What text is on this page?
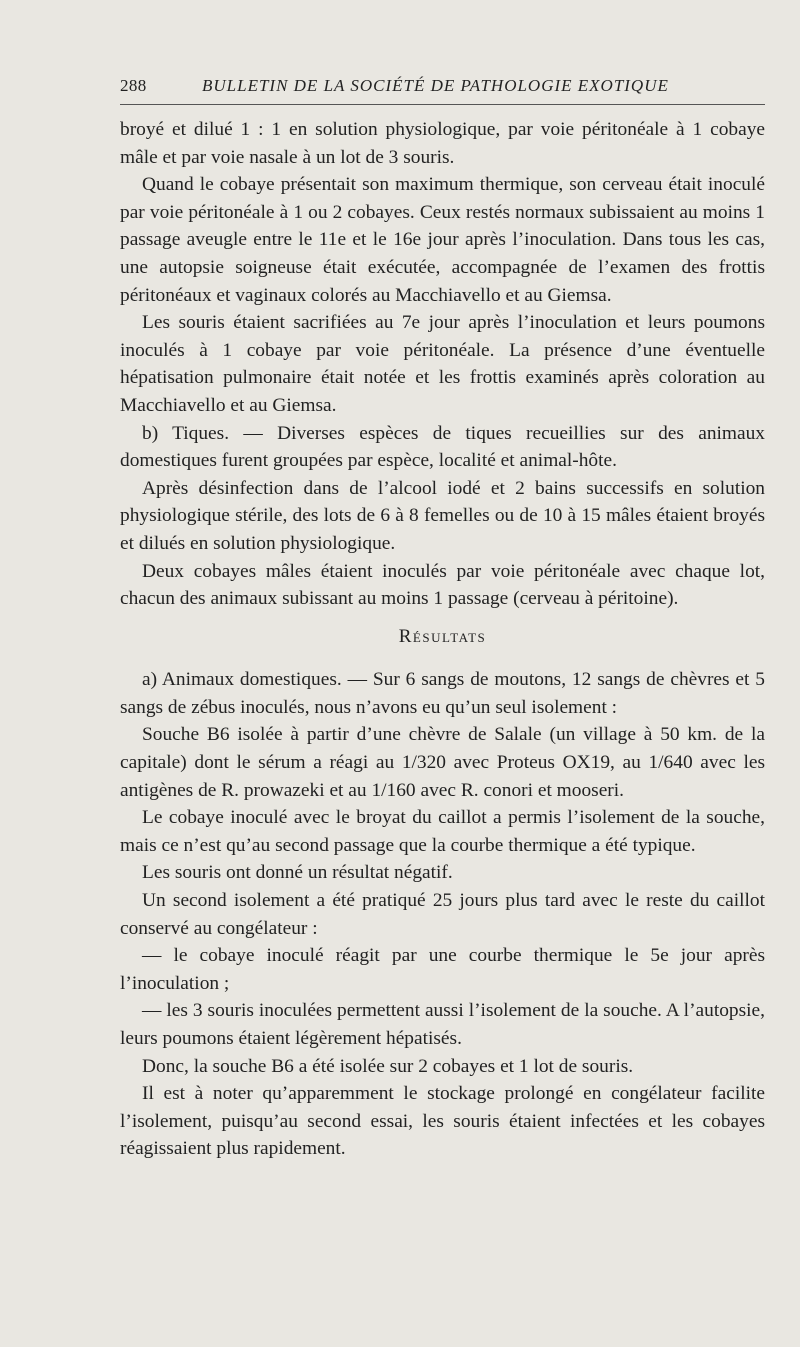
288	BULLETIN DE LA SOCIÉTÉ DE PATHOLOGIE EXOTIQUE

broyé et dilué 1 : 1 en solution physiologique, par voie péritonéale à 1 cobaye mâle et par voie nasale à un lot de 3 souris.

Quand le cobaye présentait son maximum thermique, son cerveau était inoculé par voie péritonéale à 1 ou 2 cobayes. Ceux restés normaux subissaient au moins 1 passage aveugle entre le 11e et le 16e jour après l’inoculation. Dans tous les cas, une autopsie soigneuse était exécutée, accompagnée de l’examen des frottis péritonéaux et vaginaux colorés au Macchiavello et au Giemsa.

Les souris étaient sacrifiées au 7e jour après l’inoculation et leurs poumons inoculés à 1 cobaye par voie péritonéale. La présence d’une éventuelle hépatisation pulmonaire était notée et les frottis examinés après coloration au Macchiavello et au Giemsa.

b) Tiques. — Diverses espèces de tiques recueillies sur des animaux domestiques furent groupées par espèce, localité et animal-hôte.

Après désinfection dans de l’alcool iodé et 2 bains successifs en solution physiologique stérile, des lots de 6 à 8 femelles ou de 10 à 15 mâles étaient broyés et dilués en solution physiologique.

Deux cobayes mâles étaient inoculés par voie péritonéale avec chaque lot, chacun des animaux subissant au moins 1 passage (cerveau à péritoine).

Résultats

a) Animaux domestiques. — Sur 6 sangs de moutons, 12 sangs de chèvres et 5 sangs de zébus inoculés, nous n’avons eu qu’un seul isolement :

Souche B6 isolée à partir d’une chèvre de Salale (un village à 50 km. de la capitale) dont le sérum a réagi au 1/320 avec Proteus OX19, au 1/640 avec les antigènes de R. prowazeki et au 1/160 avec R. conori et mooseri.

Le cobaye inoculé avec le broyat du caillot a permis l’isolement de la souche, mais ce n’est qu’au second passage que la courbe thermique a été typique.

Les souris ont donné un résultat négatif.

Un second isolement a été pratiqué 25 jours plus tard avec le reste du caillot conservé au congélateur :

— le cobaye inoculé réagit par une courbe thermique le 5e jour après l’inoculation ;

— les 3 souris inoculées permettent aussi l’isolement de la souche. A l’autopsie, leurs poumons étaient légèrement hépatisés.

Donc, la souche B6 a été isolée sur 2 cobayes et 1 lot de souris.

Il est à noter qu’apparemment le stockage prolongé en congélateur facilite l’isolement, puisqu’au second essai, les souris étaient infectées et les cobayes réagissaient plus rapidement.
